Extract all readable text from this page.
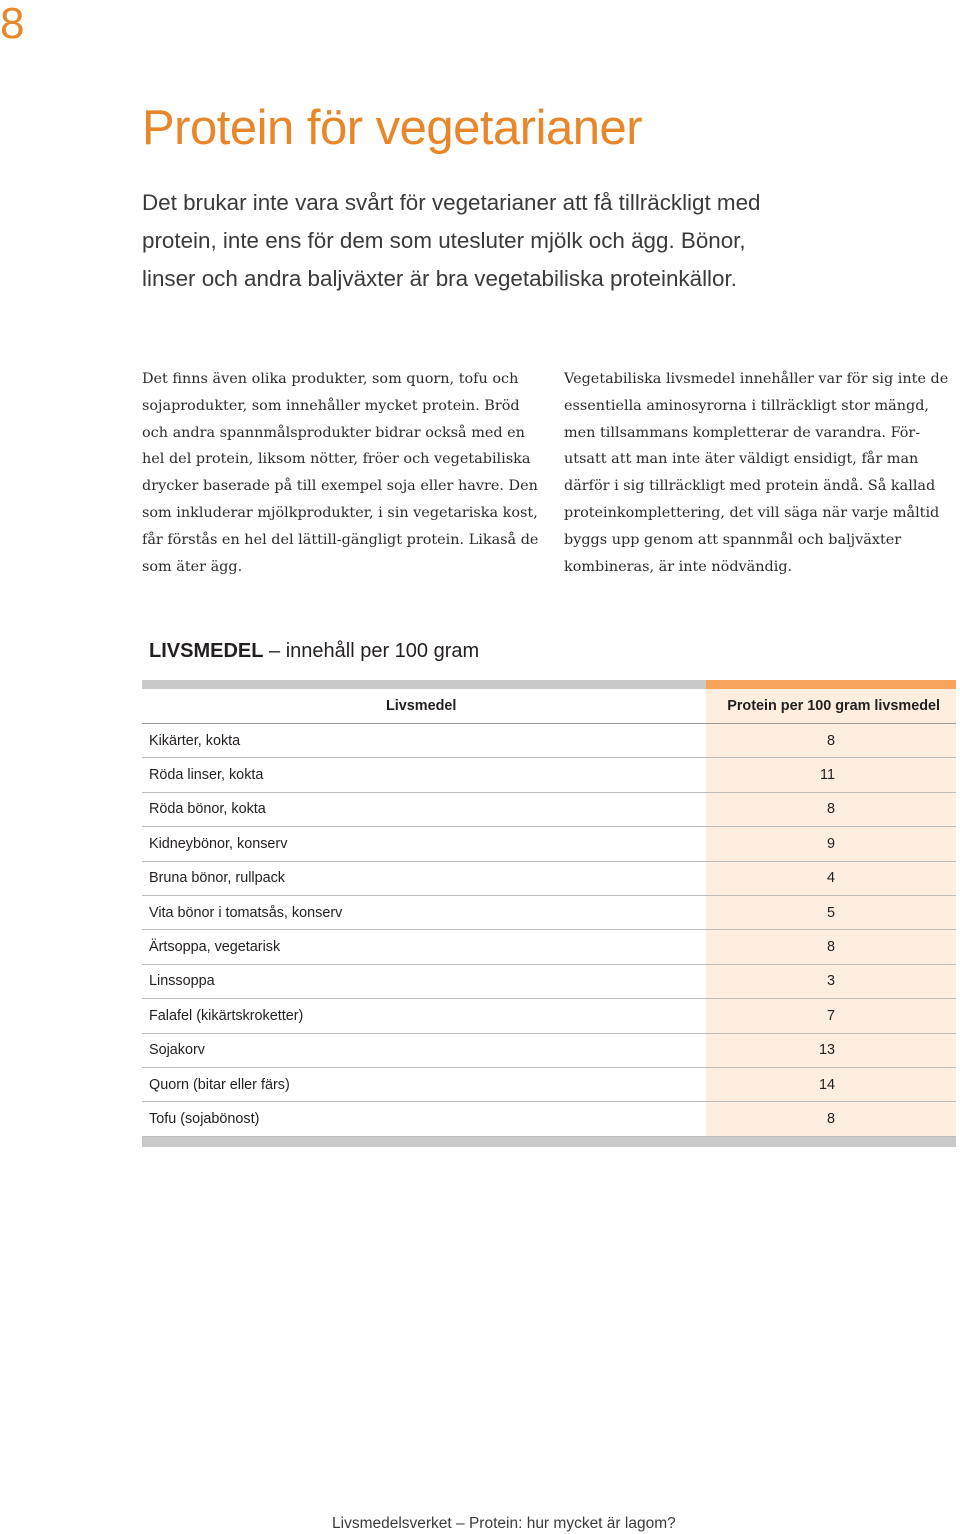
8
Protein för vegetarianer

Det brukar inte vara svårt för vegetarianer att få tillräckligt med protein, inte ens för dem som utesluter mjölk och ägg. Bönor, linser och andra baljväxter är bra vegetabiliska proteinkällor.

Det finns även olika produkter, som quorn, tofu och sojaprodukter, som innehåller mycket protein. Bröd och andra spannmålsprodukter bidrar också med en hel del protein, liksom nötter, fröer och vegetabiliska drycker baserade på till exempel soja eller havre. Den som inkluderar mjölkprodukter, i sin vegetariska kost, får förstås en hel del lättill-gängligt protein. Likaså de som äter ägg.

Vegetabiliska livsmedel innehåller var för sig inte de essentiella aminosyrorna i tillräckligt stor mängd, men tillsammans kompletterar de varandra. För-utsatt att man inte äter väldigt ensidigt, får man därför i sig tillräckligt med protein ändå. Så kallad proteinkomplettering, det vill säga när varje måltid byggs upp genom att spannmål och baljväxter kombineras, är inte nödvändig.

LIVSMEDEL – innehåll per 100 gram
Livsmedel	Protein per 100 gram livsmedel
Kikärter, kokta	8
Röda linser, kokta	11
Röda bönor, kokta	8
Kidneybönor, konserv	9
Bruna bönor, rullpack	4
Vita bönor i tomatsås, konserv	5
Ärtsoppa, vegetarisk	8
Linssoppa	3
Falafel (kikärtskroketter)	7
Sojakorv	13
Quorn (bitar eller färs)	14
Tofu (sojabönost)	8
Livsmedelsverket – Protein: hur mycket är lagom?
